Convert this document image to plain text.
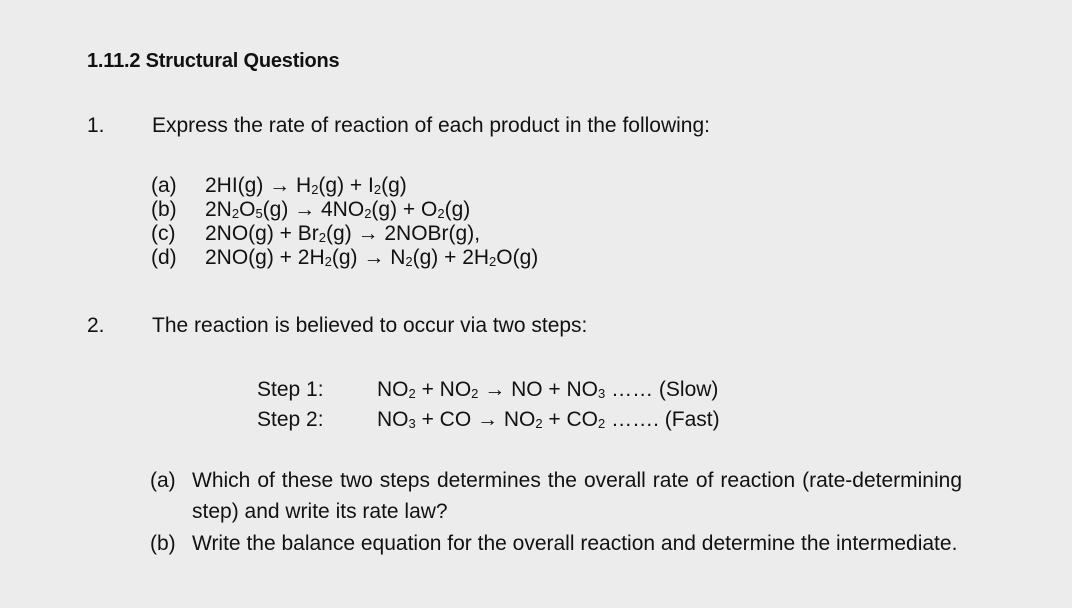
1.11.2 Structural Questions
1. Express the rate of reaction of each product in the following:
(a)	$2HI(g) \to H_2(g) + I_2(g)$
(b)	$2N_2O_5(g) \to 4NO_2(g) + O_2(g)$
(c)	$2NO(g) + Br_2(g)$ → 2NOBr(g),
(d)	$2NO(g) + 2H_2(g) \to N_2(g) + 2H_2O(g)$
2. The reaction is believed to occur via two steps:
Step 1:	$NO_2 + NO_2$ → NO + $NO_3$ …… (Slow)
Step 2:	$NO_3$ + CO → $NO_2 + CO_2$ ……. (Fast)
(a) Which of these two steps determines the overall rate of reaction (rate-determining step) and write its rate law?
(b) Write the balance equation for the overall reaction and determine the intermediate.
